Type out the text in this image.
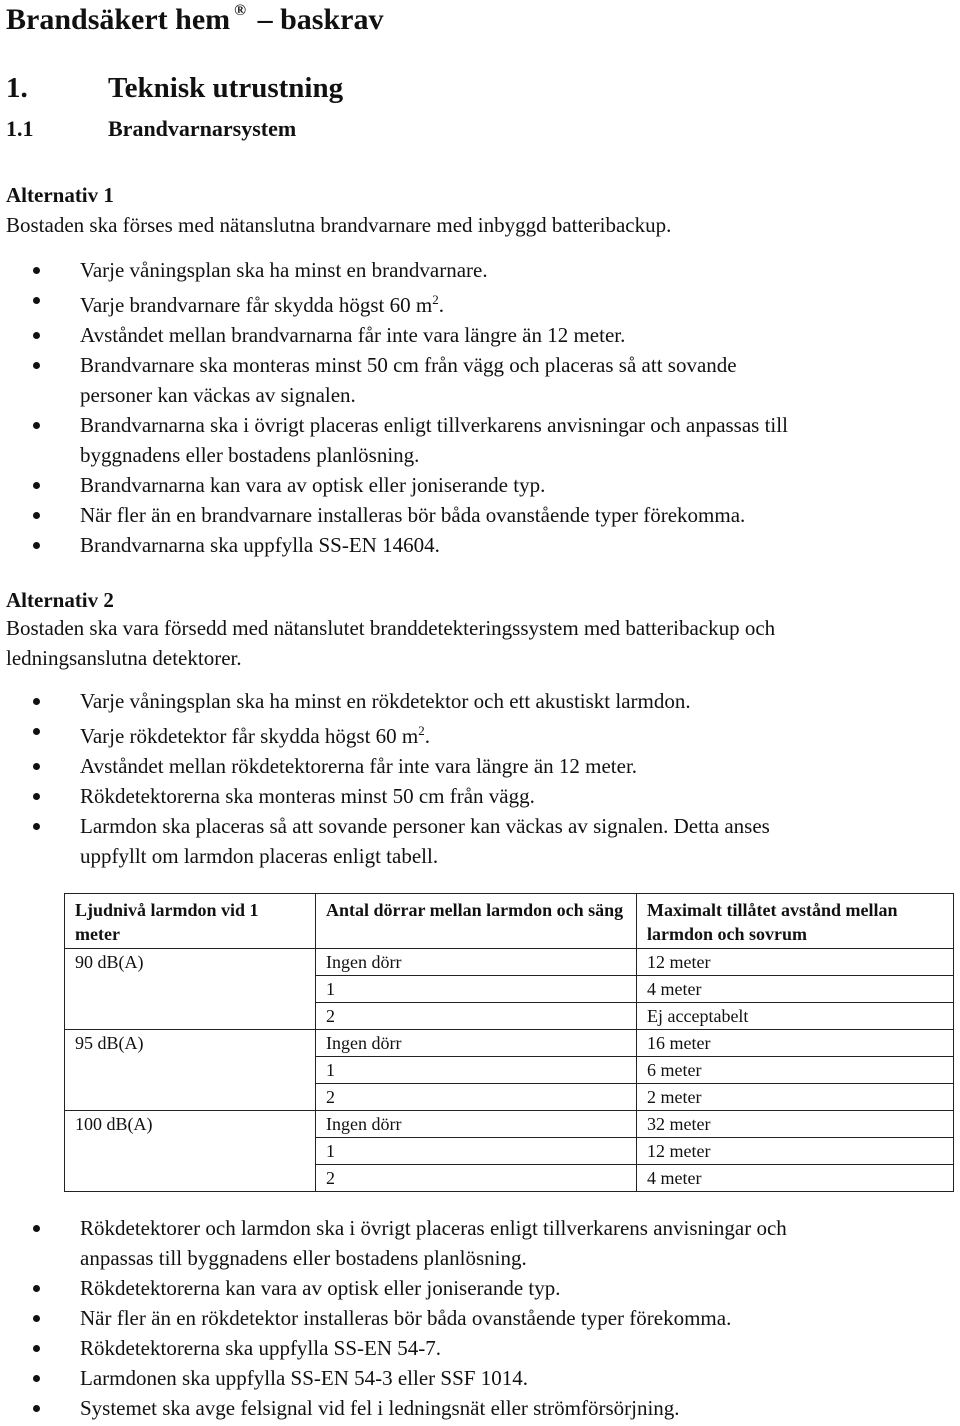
Brandsäkert hem ® – baskrav
1.	Teknisk utrustning
1.1	Brandvarnarsystem
Alternativ 1
Bostaden ska förses med nätanslutna brandvarnare med inbyggd batteribackup.
Varje våningsplan ska ha minst en brandvarnare.
Varje brandvarnare får skydda högst 60 $m^2$.
Avståndet mellan brandvarnarna får inte vara längre än 12 meter.
Brandvarnare ska monteras minst 50 cm från vägg och placeras så att sovande
personer kan väckas av signalen.
Brandvarnarna ska i övrigt placeras enligt tillverkarens anvisningar och anpassas till
byggnadens eller bostadens planlösning.
Brandvarnarna kan vara av optisk eller joniserande typ.
När fler än en brandvarnare installeras bör båda ovanstående typer förekomma.
Brandvarnarna ska uppfylla SS-EN 14604.
Alternativ 2
Bostaden ska vara försedd med nätanslutet branddetekteringssystem med batteribackup och
ledningsanslutna detektorer.
Varje våningsplan ska ha minst en rökdetektor och ett akustiskt larmdon.
Varje rökdetektor får skydda högst 60 $m^2$.
Avståndet mellan rökdetektorerna får inte vara längre än 12 meter.
Rökdetektorerna ska monteras minst 50 cm från vägg.
Larmdon ska placeras så att sovande personer kan väckas av signalen. Detta anses
uppfyllt om larmdon placeras enligt tabell.
Ljudnivå larmdon vid 1 meter	Antal dörrar mellan larmdon och säng	Maximalt tillåtet avstånd mellan larmdon och sovrum
90 dB(A)	Ingen dörr	12 meter
	1	4 meter
	2	Ej acceptabelt
95 dB(A)	Ingen dörr	16 meter
	1	6 meter
	2	2 meter
100 dB(A)	Ingen dörr	32 meter
	1	12 meter
	2	4 meter
Rökdetektorer och larmdon ska i övrigt placeras enligt tillverkarens anvisningar och
anpassas till byggnadens eller bostadens planlösning.
Rökdetektorerna kan vara av optisk eller joniserande typ.
När fler än en rökdetektor installeras bör båda ovanstående typer förekomma.
Rökdetektorerna ska uppfylla SS-EN 54-7.
Larmdonen ska uppfylla SS-EN 54-3 eller SSF 1014.
Systemet ska avge felsignal vid fel i ledningsnät eller strömförsörjning.
